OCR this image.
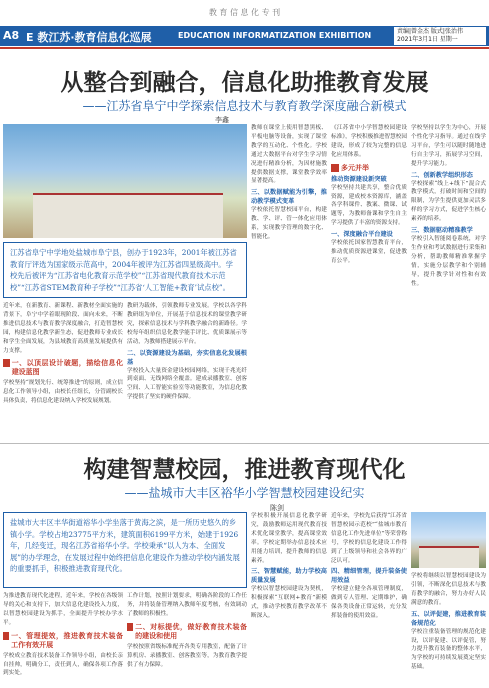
教 育 信 息 化 专 刊
A8 E 教江苏·教育信息化巡展	EDUCATION INFORMATIZATION EXHIBITION	责编|曾金杰 版式|张治伟
2021年3月1日 星期一
从整合到融合，信息化助推教育发展
——江苏省阜宁中学探索信息技术与教育教学深度融合新模式
李鑫
江苏省阜宁中学地处盐城市阜宁县，创办于1923年，2001年被江苏省教育厅评选为国家级示范高中，2004年被评为江苏省四星级高中。学校先后被评为“江苏省电化教育示范学校”“江苏省现代教育技术示范校”“江苏省STEM教育种子学校”“江苏省‘人工智能+教育’试点校”。
近年来，在新教育、新课程、新教材全面实施的背景下，阜宁中学着眼现阶段、面向未来，不断推进信息技术与教育教学深度融合，打造智慧校园，构建信息化教学新生态，促进教师专业成长和学生全面发展，为县域教育高质量发展提供有力支撑。
一、以顶层设计破题，描绘信息化建设蓝图
学校坚持“规划先行、统筹推进”的原则，成立信息化工作领导小组，由校长任组长，分管副校长具体负责，将信息化建设纳入学校发展规划。
教研为载体，引领教师专业发展。学校以各学科教研组为单位，开展基于信息技术的课堂教学研究，探索信息技术与学科教学融合的新路径。学校每年组织信息化教学能手评比、优质课展示等活动，为教师搭建展示平台。
二、以资源建设为基础，夯实信息化发展根基
学校投入大量资金建设校园网络，实现千兆光纤到桌面、无线网络全覆盖。建成录播教室、创客空间、人工智能实验室等功能教室，为信息化教学提供了坚实的硬件保障。
教师在课堂上使用智慧黑板、平板电脑等设备，实现了课堂教学的互动化、个性化。学校通过大数据平台对学生学习情况进行精准分析，为因材施教提供数据支撑，课堂教学效率显著提高。
三、以数据赋能为引擎，推动教学模式变革
学校依托智慧校园平台，构建教、学、评、管一体化应用体系，实现教学管理的数字化、智能化。
《江苏省中小学智慧校园建设标准》，学校积极推进智慧校园建设，形成了较为完整的信息化应用体系。
多元并举
推动资源建设新突破
学校坚持共建共享，整合优质资源，建成校本资源库，涵盖各学科课件、教案、微课、试题等，为教师备课和学生自主学习提供了丰富的资源支持。
一、深度融合平台建设
学校依托国家智慧教育平台，推动优质资源进课堂，促进教育公平。
学校坚持以学生为中心，开展个性化学习指导。通过在线学习平台，学生可以随时随地进行自主学习，拓展学习空间，提升学习能力。
二、创新教学组织形态
学校探索“线上+线下”混合式教学模式，打破时间和空间的限制，为学生提供更加灵活多样的学习方式，促进学生核心素养的培养。
三、数据驱动精准教学
学校引入智能阅卷系统，对学生作业和考试数据进行采集和分析，帮助教师精准掌握学情，实施分层教学和个别辅导，提升教学针对性和有效性。
构建智慧校园，推进教育现代化
——盐城市大丰区裕华小学智慧校园建设纪实
陈剑
盐城市大丰区丰华街道裕华小学坐落于黄海之滨，是一所历史悠久的乡镇小学。学校占地23775平方米，建筑面积6199平方米，始建于1926年，几经变迁，现名江苏省裕华小学。学校秉承“以人为本、全面发展”的办学理念，在发展过程中始终把信息化建设作为推动学校内涵发展的重要抓手，积极推进教育现代化。
为推进教育现代化进程，近年来，学校在各级领导的关心和支持下，加大信息化建设投入力度，以智慧校园建设为抓手，全面提升学校办学水平。
一、管理提效，推进教育技术装备工作有效开展
学校成立教育技术装备工作领导小组，由校长亲自挂帅，明确分工，责任到人，确保各项工作落到实处。
工作计划，按照计划要求，明确各阶段的工作任务，并将装备管理纳入教师年度考核，有效调动了教师的积极性。
二、对标提优，做好教育技术装备的建设和使用
学校按照省级标准配齐各类专用教室，配备了计算机房、录播教室、创客教室等，为教育教学提供了有力保障。
学校积极开展信息化教学研究，鼓励教师运用现代教育技术优化课堂教学，提高课堂效率。学校定期举办信息技术应用能力培训，提升教师的信息素养。
三、智慧赋能，助力学校高质量发展
学校以智慧校园建设为契机，积极探索“互联网+教育”新模式，推动学校教育教学改革不断深入。
近年来，学校先后获得“江苏省智慧校园示范校”“盐城市教育信息化工作先进单位”等荣誉称号，学校的信息化建设工作得到了上级领导和社会各界的广泛认可。
四、精细管理，提升装备使用效益
学校建立健全各项管理制度，做到专人管理、定期维护，确保各类设备正常运转，充分发挥装备的使用效益。
学校将继续以智慧校园建设为引领，不断深化信息技术与教育教学的融合，努力办好人民满意的教育。
五、以评促建，推进教育装备规范化
学校注重装备管理的规范化建设，以评促建、以评促管，努力提升教育装备的整体水平，为学校的可持续发展奠定坚实基础。
